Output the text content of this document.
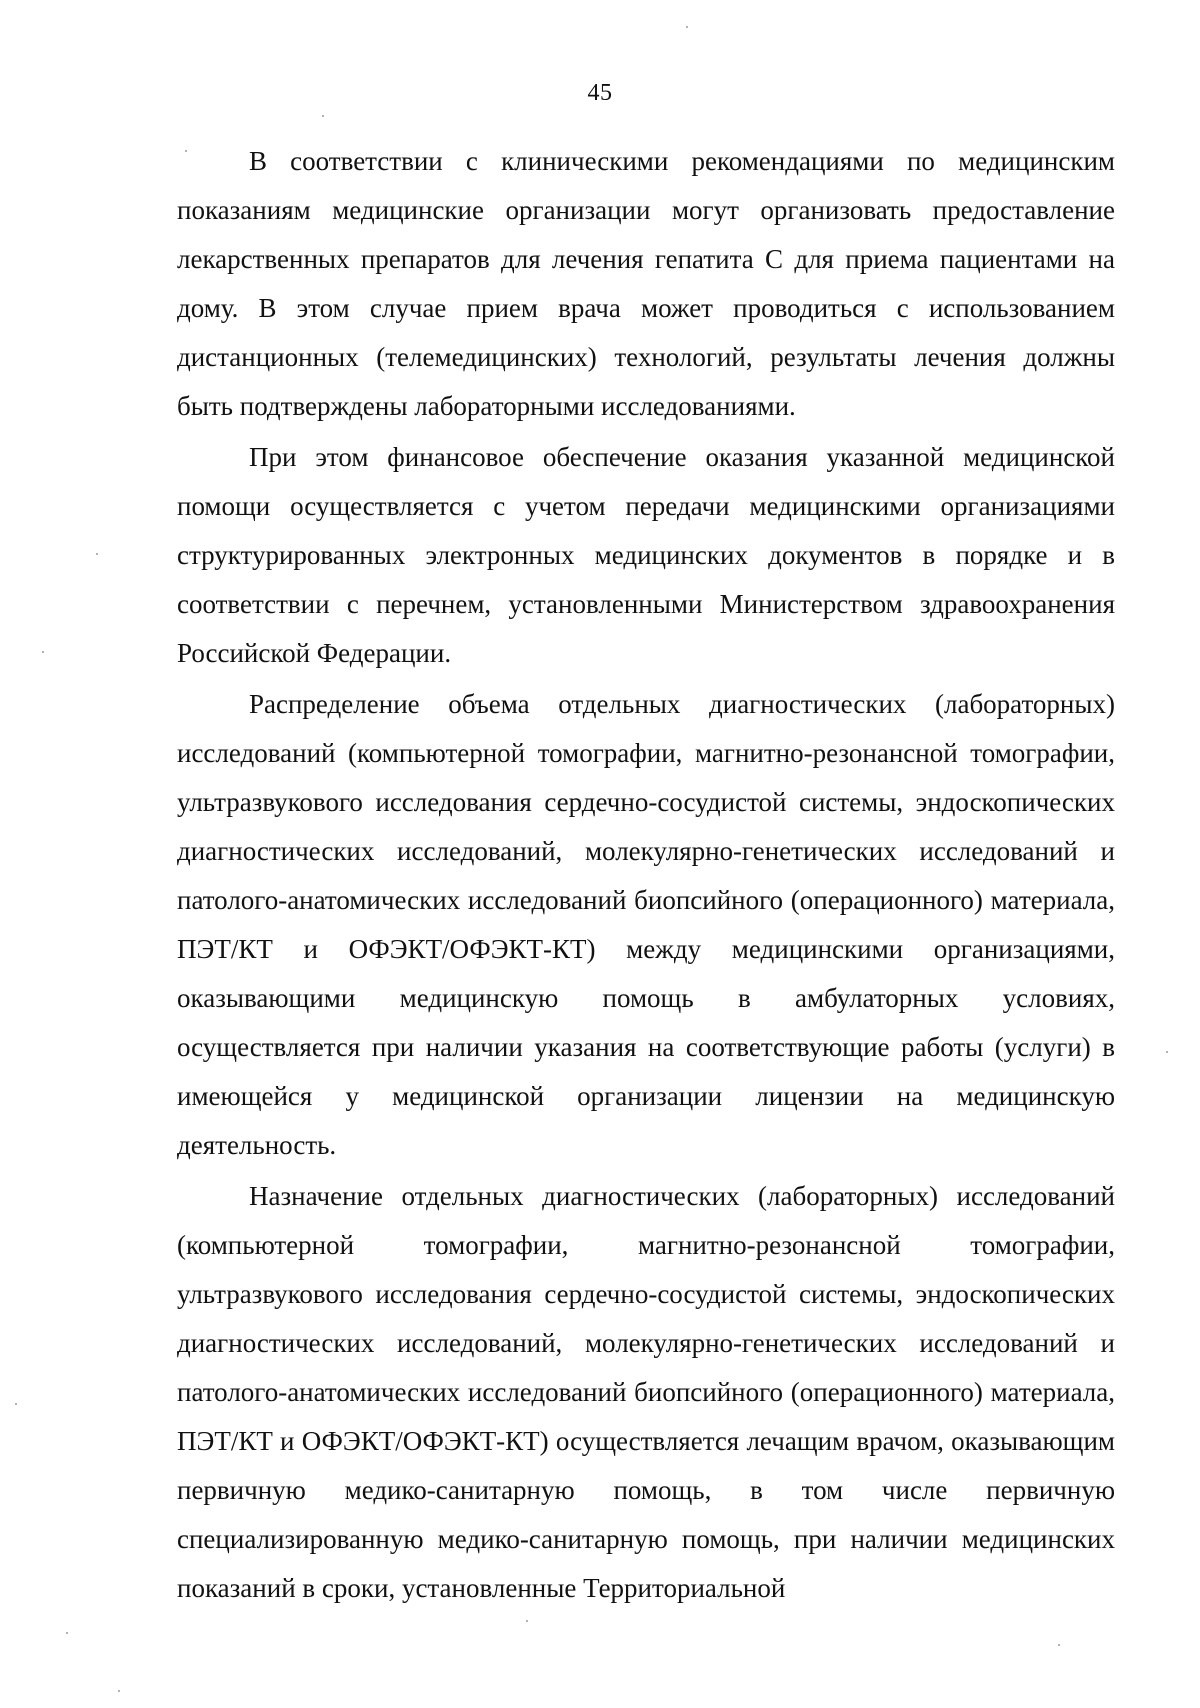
45

В соответствии с клиническими рекомендациями по медицинским показаниям медицинские организации могут организовать предоставление лекарственных препаратов для лечения гепатита С для приема пациентами на дому. В этом случае прием врача может проводиться с использованием дистанционных (телемедицинских) технологий, результаты лечения должны быть подтверждены лабораторными исследованиями.

При этом финансовое обеспечение оказания указанной медицинской помощи осуществляется с учетом передачи медицинскими организациями структурированных электронных медицинских документов в порядке и в соответствии с перечнем, установленными Министерством здравоохранения Российской Федерации.

Распределение объема отдельных диагностических (лабораторных) исследований (компьютерной томографии, магнитно-резонансной томографии, ультразвукового исследования сердечно-сосудистой системы, эндоскопических диагностических исследований, молекулярно-генетических исследований и патолого-анатомических исследований биопсийного (операционного) материала, ПЭТ/КТ и ОФЭКТ/ОФЭКТ-КТ) между медицинскими организациями, оказывающими медицинскую помощь в амбулаторных условиях, осуществляется при наличии указания на соответствующие работы (услуги) в имеющейся у медицинской организации лицензии на медицинскую деятельность.

Назначение отдельных диагностических (лабораторных) исследований (компьютерной томографии, магнитно-резонансной томографии, ультразвукового исследования сердечно-сосудистой системы, эндоскопических диагностических исследований, молекулярно-генетических исследований и патолого-анатомических исследований биопсийного (операционного) материала, ПЭТ/КТ и ОФЭКТ/ОФЭКТ-КТ) осуществляется лечащим врачом, оказывающим первичную медико-санитарную помощь, в том числе первичную специализированную медико-санитарную помощь, при наличии медицинских показаний в сроки, установленные Территориальной
